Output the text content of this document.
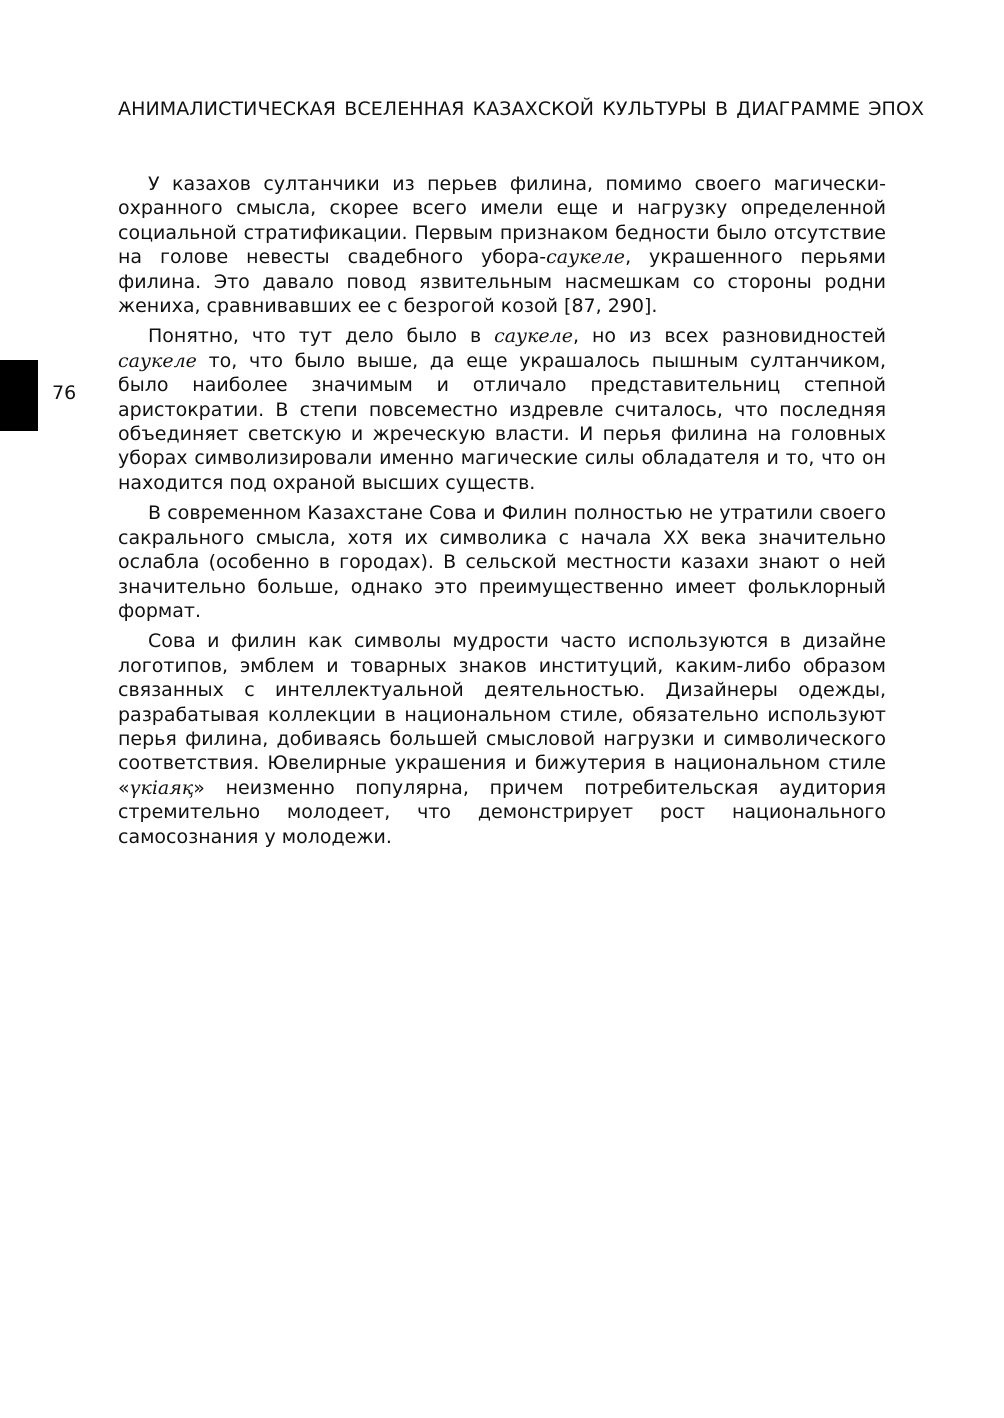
АНИМАЛИСТИЧЕСКАЯ ВСЕЛЕННАЯ КАЗАХСКОЙ КУЛЬТУРЫ В ДИАГРАММЕ ЭПОХ
76

У казахов султанчики из перьев филина, помимо своего магически-охранного смысла, скорее всего имели еще и нагрузку определенной социальной стратификации. Первым признаком бедности было отсутствие на голове невесты свадебного убора-саукеле, украшенного перьями филина. Это давало повод язвительным насмешкам со стороны родни жениха, сравнивавших ее с безрогой козой [87, 290].

Понятно, что тут дело было в саукеле, но из всех разновидностей саукеле то, что было выше, да еще украшалось пышным султанчиком, было наиболее значимым и отличало представительниц степной аристократии. В степи повсеместно издревле считалось, что последняя объединяет светскую и жреческую власти. И перья филина на головных уборах символизировали именно магические силы обладателя и то, что он находится под охраной высших существ.

В современном Казахстане Сова и Филин полностью не утратили своего сакрального смысла, хотя их символика с начала XX века значительно ослабла (особенно в городах). В сельской местности казахи знают о ней значительно больше, однако это преимущественно имеет фольклорный формат.

Сова и филин как символы мудрости часто используются в дизайне логотипов, эмблем и товарных знаков институций, каким-либо образом связанных с интеллектуальной деятельностью. Дизайнеры одежды, разрабатывая коллекции в национальном стиле, обязательно используют перья филина, добиваясь большей смысловой нагрузки и символического соответствия. Ювелирные украшения и бижутерия в национальном стиле «үкіаяқ» неизменно популярна, причем потребительская аудитория стремительно молодеет, что демонстрирует рост национального самосознания у молодежи.
